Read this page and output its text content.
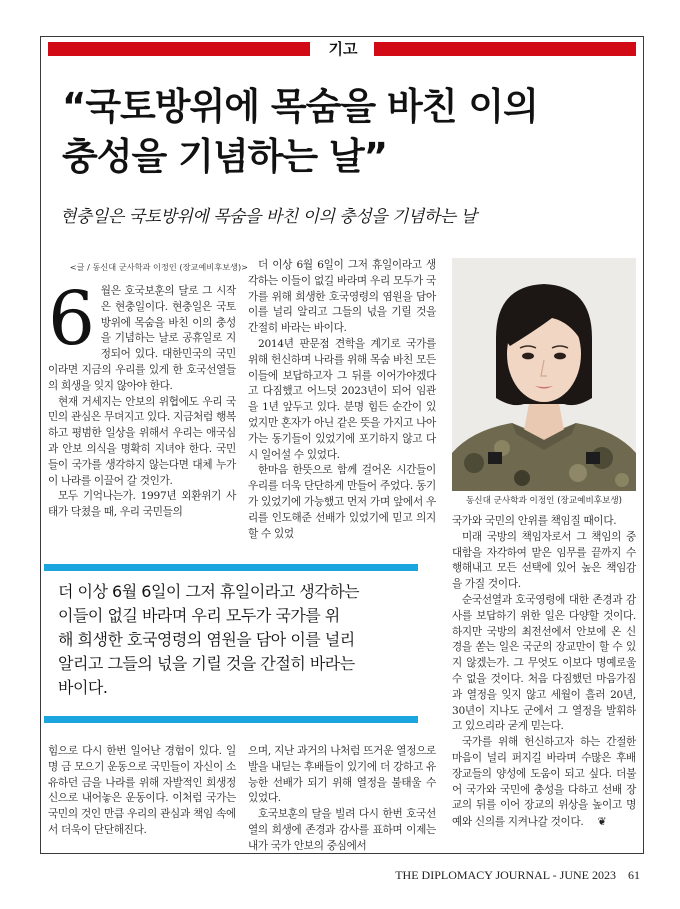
기고
“국토방위에 목숨을 바친 이의
충성을 기념하는 날”
현충일은 국토방위에 목숨을 바친 이의 충성을 기념하는 날
<글 / 동신대 군사학과 이정인 (장교예비후보생)>

6 월은 호국보훈의 달로 그 시작은 현충일이다. 현충일은 국토방위에 목숨을 바친 이의 충성을 기념하는 날로 공휴일로 지정되어 있다. 대한민국의 국민이라면 지금의 우리를 있게 한 호국선열들의 희생을 잊지 않아야 한다.

현재 거세지는 안보의 위협에도 우리 국민의 관심은 무뎌지고 있다. 지금처럼 행복하고 평범한 일상을 위해서 우리는 애국심과 안보 의식을 명확히 지녀야 한다. 국민들이 국가를 생각하지 않는다면 대체 누가 이 나라를 이끌어 갈 것인가.

모두 기억나는가. 1997년 외환위기 사태가 닥쳤을 때, 우리 국민들의

더 이상 6월 6일이 그저 휴일이라고 생각하는 이들이 없길 바라며 우리 모두가 국가를 위해 희생한 호국영령의 염원을 담아 이를 널리 알리고 그들의 넋을 기릴 것을 간절히 바라는 바이다.

2014년 판문점 견학을 계기로 국가를 위해 헌신하며 나라를 위해 목숨 바친 모든 이들에 보답하고자 그 뒤를 이어가야겠다고 다짐했고 어느덧 2023년이 되어 임관을 1년 앞두고 있다. 분명 힘든 순간이 있었지만 혼자가 아닌 같은 뜻을 가지고 나아가는 동기들이 있었기에 포기하지 않고 다시 일어설 수 있었다.

한마음 한뜻으로 함께 걸어온 시간들이 우리를 더욱 단단하게 만들어 주었다. 동기가 있었기에 가능했고 먼저 가며 앞에서 우리를 인도해준 선배가 있었기에 믿고 의지할 수 있었

동신대 군사학과 이정인 (장교예비후보생)

국가와 국민의 안위를 책임질 때이다.

미래 국방의 책임자로서 그 책임의 중대함을 자각하여 맡은 임무를 끝까지 수행해내고 모든 선택에 있어 높은 책임감을 가질 것이다.

순국선열과 호국영령에 대한 존경과 감사를 보답하기 위한 일은 다양할 것이다. 하지만 국방의 최전선에서 안보에 온 신경을 쏟는 일은 국군의 장교만이 할 수 있지 않겠는가. 그 무엇도 이보다 명예로울 수 없을 것이다. 처음 다짐했던 마음가짐과 열정을 잊지 않고 세월이 흘러 20년, 30년이 지나도 군에서 그 열정을 발휘하고 있으리라 굳게 믿는다.

국가를 위해 헌신하고자 하는 간절한 마음이 널리 퍼지길 바라며 수많은 후배 장교들의 양성에 도움이 되고 싶다. 더불어 국가와 국민에 충성을 다하고 선배 장교의 뒤를 이어 장교의 위상을 높이고 명예와 신의를 지켜나갈 것이다. ❦

더 이상 6월 6일이 그저 휴일이라고 생각하는
이들이 없길 바라며 우리 모두가 국가를 위
해 희생한 호국영령의 염원을 담아 이를 널리
알리고 그들의 넋을 기릴 것을 간절히 바라는
바이다.

힘으로 다시 한번 일어난 경험이 있다. 일명 금 모으기 운동으로 국민들이 자신이 소유하던 금을 나라를 위해 자발적인 희생정신으로 내어놓은 운동이다. 이처럼 국가는 국민의 것인 만큼 우리의 관심과 책임 속에서 더욱이 단단해진다.

으며, 지난 과거의 나처럼 뜨거운 열정으로 발을 내딛는 후배들이 있기에 더 강하고 유능한 선배가 되기 위해 열정을 불태울 수 있었다.

호국보훈의 달을 빌려 다시 한번 호국선열의 희생에 존경과 감사를 표하며 이제는 내가 국가 안보의 중심에서

THE DIPLOMACY JOURNAL - JUNE 2023 61
